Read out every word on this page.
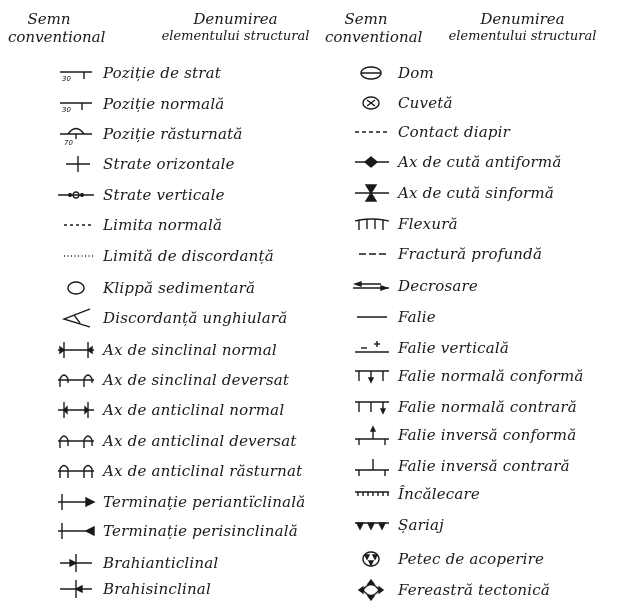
Semn
conventional
Denumirea
elementului structural
Semn
conventional
Denumirea
elementului structural
30	Poziție de strat
30	Poziție normală
70	Poziție răsturnată
Strate orizontale
Strate verticale
Limita normală
Limită de discordanță
Klippă sedimentară
Discordanță unghiulară
Ax de sinclinal normal
Ax de sinclinal deversat
Ax de anticlinal normal
Ax de anticlinal deversat
Ax de anticlinal răsturnat
Terminație periantïclinală
Terminație perisinclinală
Brahianticlinal
Brahisinclinal
Dom
Cuvetă
Contact diapir
Ax de cută antiformă
Ax de cută sinformă
Flexură
Fractură profundă
Decrosare
Falie
Falie verticală
Falie normală conformă
Falie normală contrară
Falie inversă conformă
Falie inversă contrară
Încălecare
Șariaj
Petec de acoperire
Fereastră tectonică
